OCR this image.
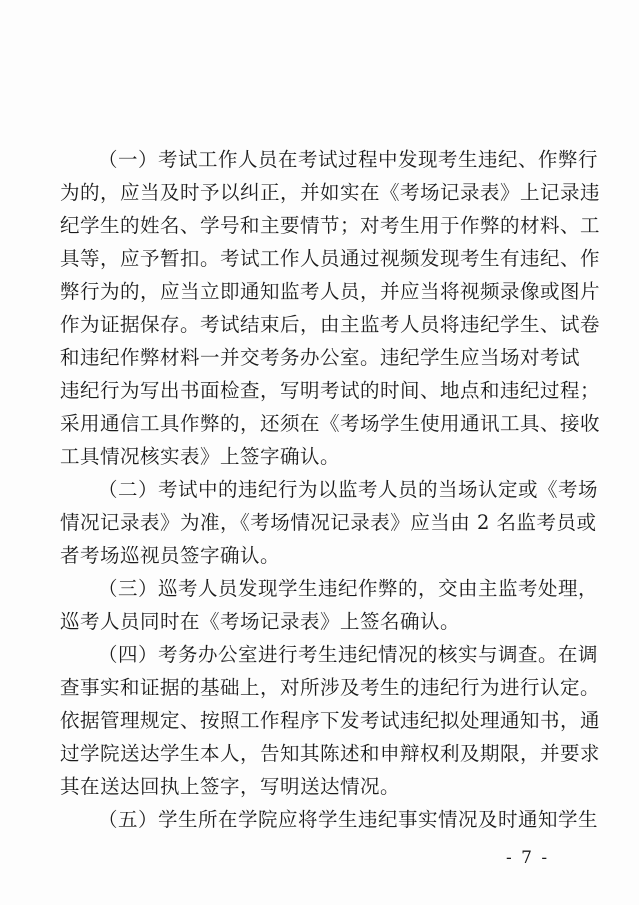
（一）考试工作人员在考试过程中发现考生违纪、作弊行
为的，应当及时予以纠正，并如实在《考场记录表》上记录违
纪学生的姓名、学号和主要情节；对考生用于作弊的材料、工
具等，应予暂扣。考试工作人员通过视频发现考生有违纪、作
弊行为的，应当立即通知监考人员，并应当将视频录像或图片
作为证据保存。考试结束后，由主监考人员将违纪学生、试卷
和违纪作弊材料一并交考务办公室。违纪学生应当场对考试
违纪行为写出书面检查，写明考试的时间、地点和违纪过程；
采用通信工具作弊的，还须在《考场学生使用通讯工具、接收
工具情况核实表》上签字确认。
（二）考试中的违纪行为以监考人员的当场认定或《考场
情况记录表》为准，《考场情况记录表》应当由 2 名监考员或
者考场巡视员签字确认。
（三）巡考人员发现学生违纪作弊的，交由主监考处理，
巡考人员同时在《考场记录表》上签名确认。
（四）考务办公室进行考生违纪情况的核实与调查。在调
查事实和证据的基础上，对所涉及考生的违纪行为进行认定。
依据管理规定、按照工作程序下发考试违纪拟处理通知书，通
过学院送达学生本人，告知其陈述和申辩权利及期限，并要求
其在送达回执上签字，写明送达情况。
（五）学生所在学院应将学生违纪事实情况及时通知学生
- 7 -
